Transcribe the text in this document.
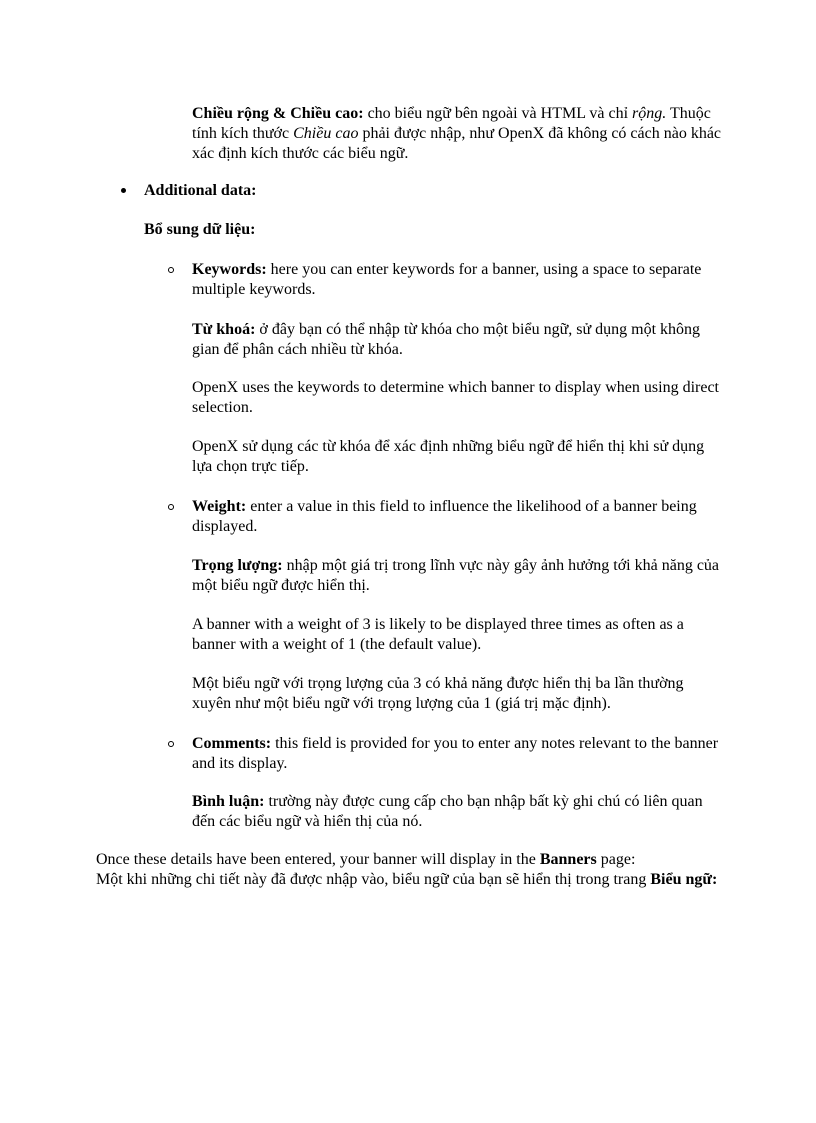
Chiều rộng & Chiều cao: cho biểu ngữ bên ngoài và HTML và chỉ rộng. Thuộc tính kích thước Chiều cao phải được nhập, như OpenX đã không có cách nào khác xác định kích thước các biểu ngữ.

Additional data:

Bổ sung dữ liệu:

Keywords: here you can enter keywords for a banner, using a space to separate multiple keywords.

Từ khoá: ở đây bạn có thể nhập từ khóa cho một biểu ngữ, sử dụng một không gian để phân cách nhiều từ khóa.

OpenX uses the keywords to determine which banner to display when using direct selection.

OpenX sử dụng các từ khóa để xác định những biểu ngữ để hiển thị khi sử dụng lựa chọn trực tiếp.

Weight: enter a value in this field to influence the likelihood of a banner being displayed.

Trọng lượng: nhập một giá trị trong lĩnh vực này gây ảnh hưởng tới khả năng của một biểu ngữ được hiển thị.

A banner with a weight of 3 is likely to be displayed three times as often as a banner with a weight of 1 (the default value).

Một biểu ngữ với trọng lượng của 3 có khả năng được hiển thị ba lần thường xuyên như một biểu ngữ với trọng lượng của 1 (giá trị mặc định).

Comments: this field is provided for you to enter any notes relevant to the banner and its display.

Bình luận: trường này được cung cấp cho bạn nhập bất kỳ ghi chú có liên quan đến các biểu ngữ và hiển thị của nó.

Once these details have been entered, your banner will display in the Banners page:

Một khi những chi tiết này đã được nhập vào, biểu ngữ của bạn sẽ hiển thị trong trang Biểu ngữ:
